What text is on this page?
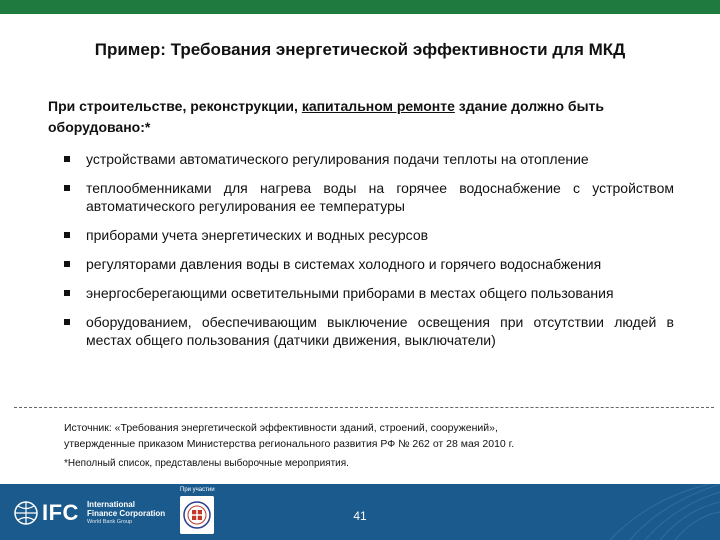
Пример: Требования энергетической эффективности для МКД
При строительстве, реконструкции, капитальном ремонте здание должно быть оборудовано:*
устройствами автоматического регулирования подачи теплоты на отопление
теплообменниками для нагрева воды на горячее водоснабжение с устройством автоматического регулирования ее температуры
приборами учета энергетических и водных ресурсов
регуляторами давления воды в системах холодного и горячего водоснабжения
энергосберегающими осветительными приборами в местах общего пользования
оборудованием, обеспечивающим выключение освещения при отсутствии людей в местах общего пользования (датчики движения, выключатели)
Источник: «Требования энергетической эффективности зданий, строений, сооружений»,
утвержденные приказом Министерства регионального развития РФ № 262 от 28 мая 2010 г.
*Неполный список, представлены выборочные мероприятия.
IFC International
Finance Corporation
World Bank Group
При участии
41
